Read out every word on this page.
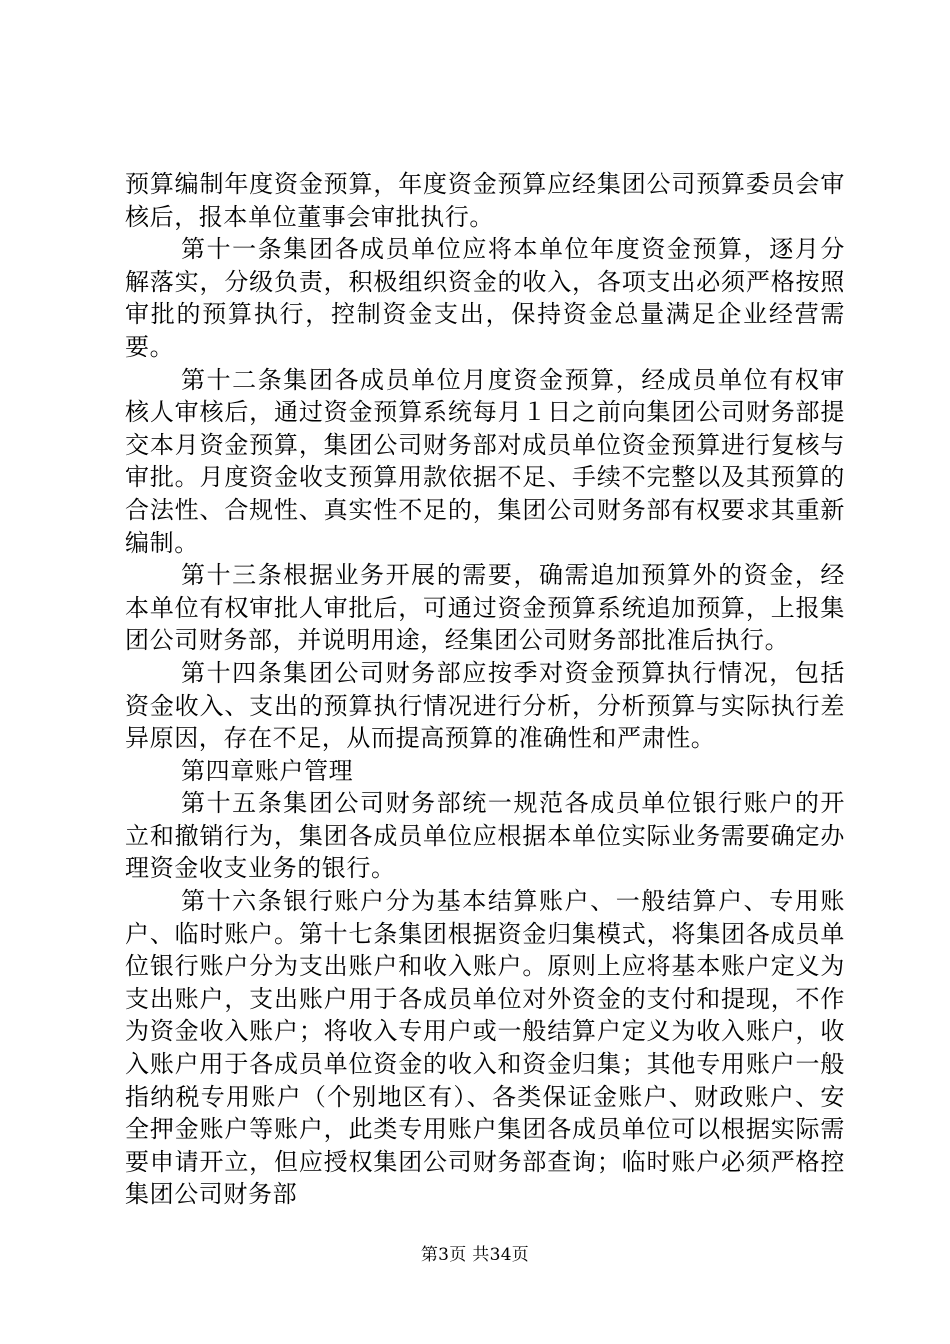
预算编制年度资金预算，年度资金预算应经集团公司预算委员会审核后，报本单位董事会审批执行。

第十一条集团各成员单位应将本单位年度资金预算，逐月分解落实，分级负责，积极组织资金的收入，各项支出必须严格按照审批的预算执行，控制资金支出，保持资金总量满足企业经营需要。

第十二条集团各成员单位月度资金预算，经成员单位有权审核人审核后，通过资金预算系统每月１日之前向集团公司财务部提交本月资金预算，集团公司财务部对成员单位资金预算进行复核与审批。月度资金收支预算用款依据不足、手续不完整以及其预算的合法性、合规性、真实性不足的，集团公司财务部有权要求其重新编制。

第十三条根据业务开展的需要，确需追加预算外的资金，经本单位有权审批人审批后，可通过资金预算系统追加预算，上报集团公司财务部，并说明用途，经集团公司财务部批准后执行。

第十四条集团公司财务部应按季对资金预算执行情况，包括资金收入、支出的预算执行情况进行分析，分析预算与实际执行差异原因，存在不足，从而提高预算的准确性和严肃性。

第四章账户管理

第十五条集团公司财务部统一规范各成员单位银行账户的开立和撤销行为，集团各成员单位应根据本单位实际业务需要确定办理资金收支业务的银行。

第十六条银行账户分为基本结算账户、一般结算户、专用账户、临时账户。第十七条集团根据资金归集模式，将集团各成员单位银行账户分为支出账户和收入账户。原则上应将基本账户定义为支出账户，支出账户用于各成员单位对外资金的支付和提现，不作为资金收入账户；将收入专用户或一般结算户定义为收入账户，收入账户用于各成员单位资金的收入和资金归集；其他专用账户一般指纳税专用账户（个别地区有）、各类保证金账户、财政账户、安全押金账户等账户，此类专用账户集团各成员单位可以根据实际需要申请开立，但应授权集团公司财务部查询；临时账户必须严格控集团公司财务部

第3页 共34页
